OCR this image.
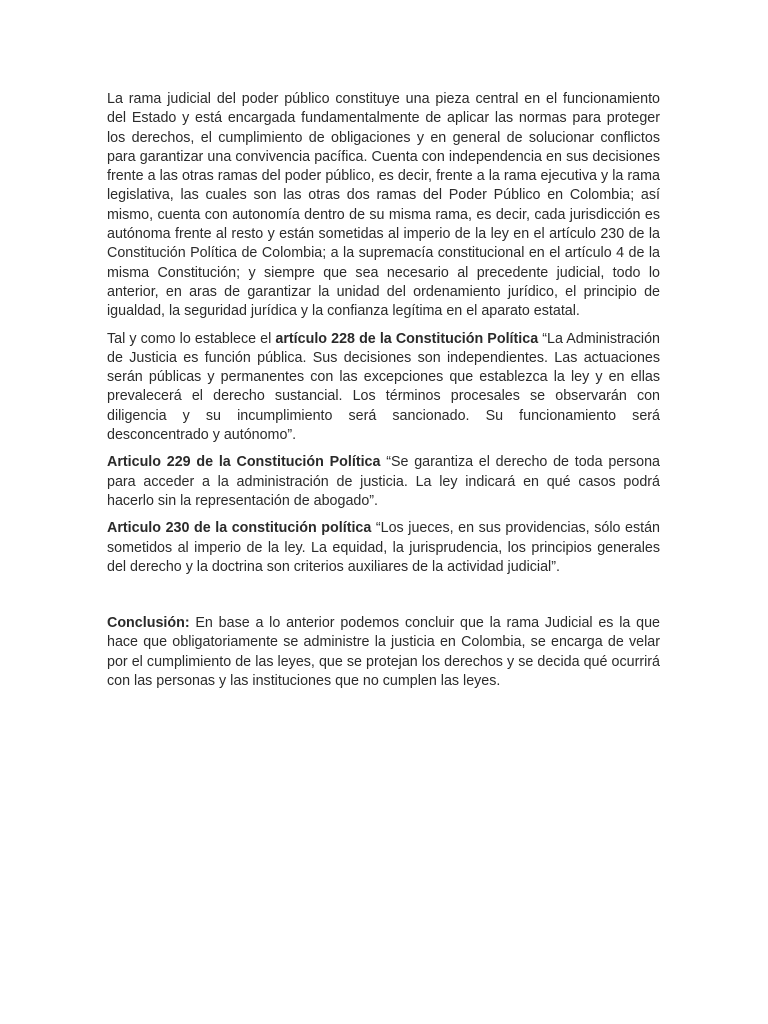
La rama judicial del poder público constituye una pieza central en el funcionamiento del Estado y está encargada fundamentalmente de aplicar las normas para proteger los derechos, el cumplimiento de obligaciones y en general de solucionar conflictos para garantizar una convivencia pacífica. Cuenta con independencia en sus decisiones frente a las otras ramas del poder público, es decir, frente a la rama ejecutiva y la rama legislativa, las cuales son las otras dos ramas del Poder Público en Colombia; así mismo, cuenta con autonomía dentro de su misma rama, es decir, cada jurisdicción es autónoma frente al resto y están sometidas al imperio de la ley en el artículo 230 de la Constitución Política de Colombia; a la supremacía constitucional en el artículo 4 de la misma Constitución; y siempre que sea necesario al precedente judicial, todo lo anterior, en aras de garantizar la unidad del ordenamiento jurídico, el principio de igualdad, la seguridad jurídica y la confianza legítima en el aparato estatal.

Tal y como lo establece el artículo 228 de la Constitución Política “La Administración de Justicia es función pública. Sus decisiones son independientes. Las actuaciones serán públicas y permanentes con las excepciones que establezca la ley y en ellas prevalecerá el derecho sustancial. Los términos procesales se observarán con diligencia y su incumplimiento será sancionado. Su funcionamiento será desconcentrado y autónomo”.

Articulo 229 de la Constitución Política “Se garantiza el derecho de toda persona para acceder a la administración de justicia. La ley indicará en qué casos podrá hacerlo sin la representación de abogado”.

Articulo 230 de la constitución política “Los jueces, en sus providencias, sólo están sometidos al imperio de la ley. La equidad, la jurisprudencia, los principios generales del derecho y la doctrina son criterios auxiliares de la actividad judicial”.

Conclusión: En base a lo anterior podemos concluir que la rama Judicial es la que hace que obligatoriamente se administre la justicia en Colombia, se encarga de velar por el cumplimiento de las leyes, que se protejan los derechos y se decida qué ocurrirá con las personas y las instituciones que no cumplen las leyes.
